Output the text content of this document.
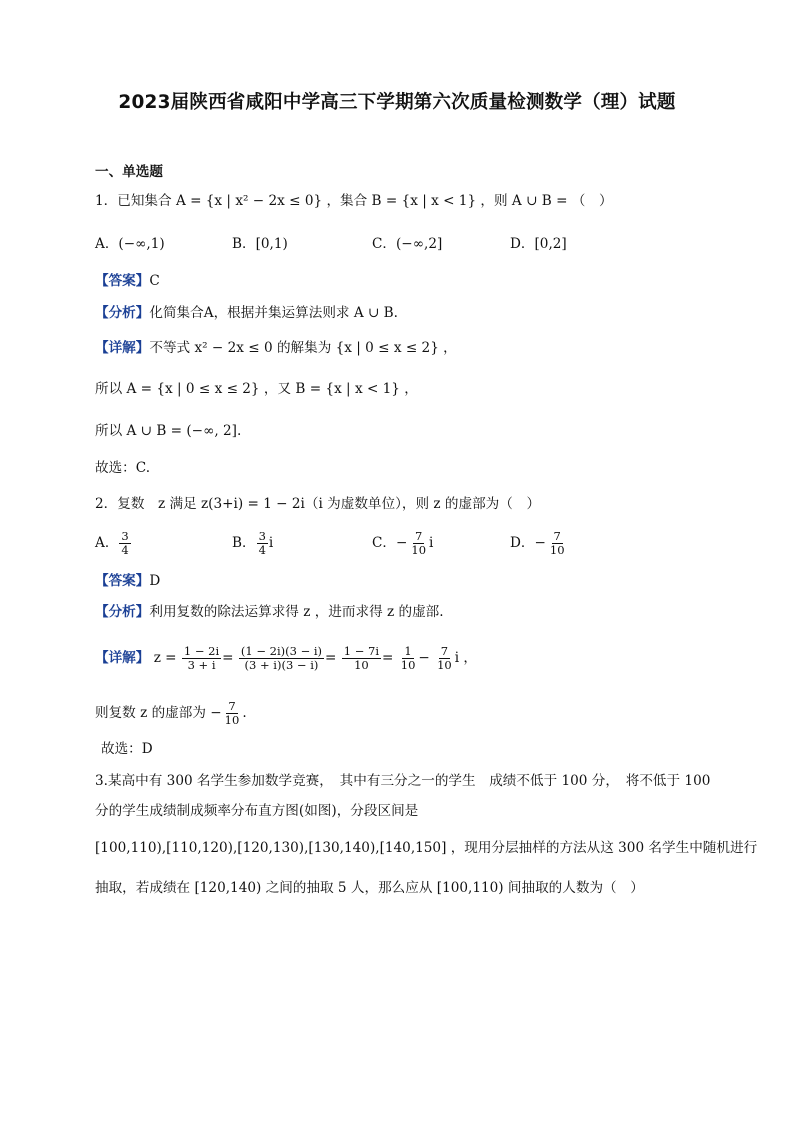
2023届陕西省咸阳中学高三下学期第六次质量检测数学（理）试题
一、单选题
1．已知集合 A = {x | x² − 2x ≤ 0} ，集合 B = {x | x < 1} ，则 A ∪ B = （　）
A．(−∞,1)	B．[0,1)	C．(−∞,2]	D．[0,2]
【答案】C
【分析】化简集合A，根据并集运算法则求 A ∪ B.
【详解】不等式 x² − 2x ≤ 0 的解集为 {x | 0 ≤ x ≤ 2} ，
所以 A = {x | 0 ≤ x ≤ 2} ，又 B = {x | x < 1} ，
所以 A ∪ B = (−∞, 2].
故选：C.
2．复数　z 满足 z(3+i) = 1 − 2i（i 为虚数单位），则 z 的虚部为（　）
A． $\frac{3}{4}$	B． $\frac{3}{4}$ i	C．− $\frac{7}{10}$ i	D．− $\frac{7}{10}$
【答案】D
【分析】利用复数的除法运算求得 z ，进而求得 z 的虚部.
【详解】 $z = \frac{1 - 2i}{3 + i} = \frac{(1 - 2i)(3 - i)}{(3 + i)(3 - i)} = \frac{1 - 7i}{10} = \frac{1}{10} - \frac{7}{10}$ i ，
则复数 z 的虚部为 − $\frac{7}{10}$ .
故选：D
3.某高中有 300 名学生参加数学竞赛，　其中有三分之一的学生　成绩不低于 100 分，　将不低于 100
分的学生成绩制成频率分布直方图(如图)，分段区间是
[100,110),[110,120),[120,130),[130,140),[140,150] ，现用分层抽样的方法从这 300 名学生中随机进行
抽取，若成绩在 [120,140) 之间的抽取 5 人，那么应从 [100,110) 间抽取的人数为（　）
